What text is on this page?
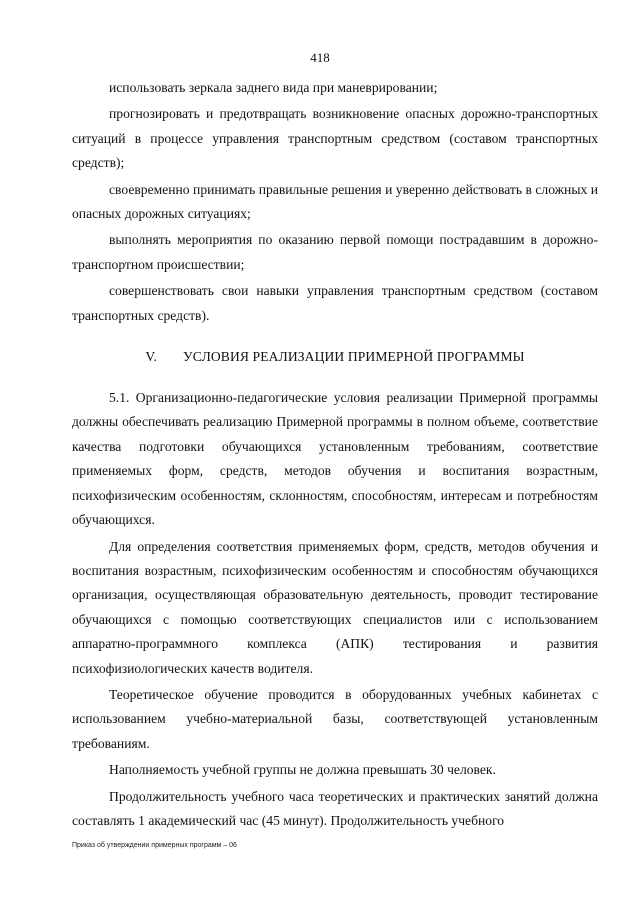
418

использовать зеркала заднего вида при маневрировании;

прогнозировать и предотвращать возникновение опасных дорожно-транспортных ситуаций в процессе управления транспортным средством (составом транспортных средств);

своевременно принимать правильные решения и уверенно действовать в сложных и опасных дорожных ситуациях;

выполнять мероприятия по оказанию первой помощи пострадавшим в дорожно-транспортном происшествии;

совершенствовать свои навыки управления транспортным средством (составом транспортных средств).

V. УСЛОВИЯ РЕАЛИЗАЦИИ ПРИМЕРНОЙ ПРОГРАММЫ

5.1. Организационно-педагогические условия реализации Примерной программы должны обеспечивать реализацию Примерной программы в полном объеме, соответствие качества подготовки обучающихся установленным требованиям, соответствие применяемых форм, средств, методов обучения и воспитания возрастным, психофизическим особенностям, склонностям, способностям, интересам и потребностям обучающихся.

Для определения соответствия применяемых форм, средств, методов обучения и воспитания возрастным, психофизическим особенностям и способностям обучающихся организация, осуществляющая образовательную деятельность, проводит тестирование обучающихся с помощью соответствующих специалистов или с использованием аппаратно-программного комплекса (АПК) тестирования и развития психофизиологических качеств водителя.

Теоретическое обучение проводится в оборудованных учебных кабинетах с использованием учебно-материальной базы, соответствующей установленным требованиям.

Наполняемость учебной группы не должна превышать 30 человек.

Продолжительность учебного часа теоретических и практических занятий должна составлять 1 академический час (45 минут). Продолжительность учебного

Приказ об утверждении примерных программ – 06
